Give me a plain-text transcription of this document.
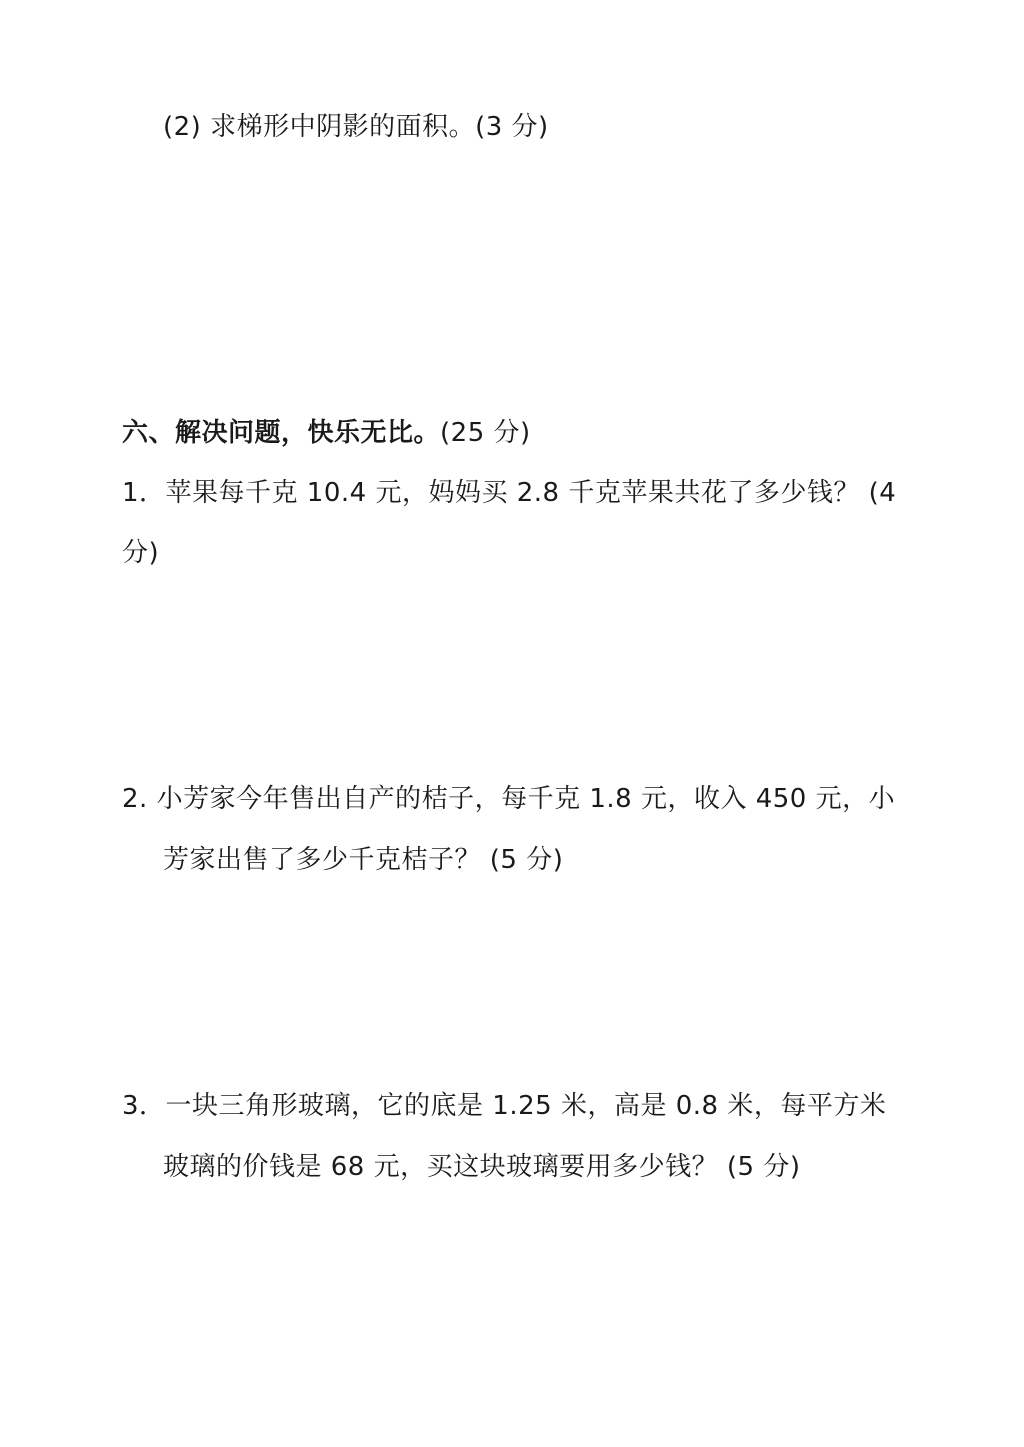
(2) 求梯形中阴影的面积。(3 分)
六、解决问题，快乐无比。(25 分)
1．苹果每千克 10.4 元，妈妈买 2.8 千克苹果共花了多少钱？ (4
分)
2. 小芳家今年售出自产的桔子，每千克 1.8 元，收入 450 元，小
芳家出售了多少千克桔子？ (5 分)
3．一块三角形玻璃，它的底是 1.25 米，高是 0.8 米，每平方米
玻璃的价钱是 68 元，买这块玻璃要用多少钱？ (5 分)
